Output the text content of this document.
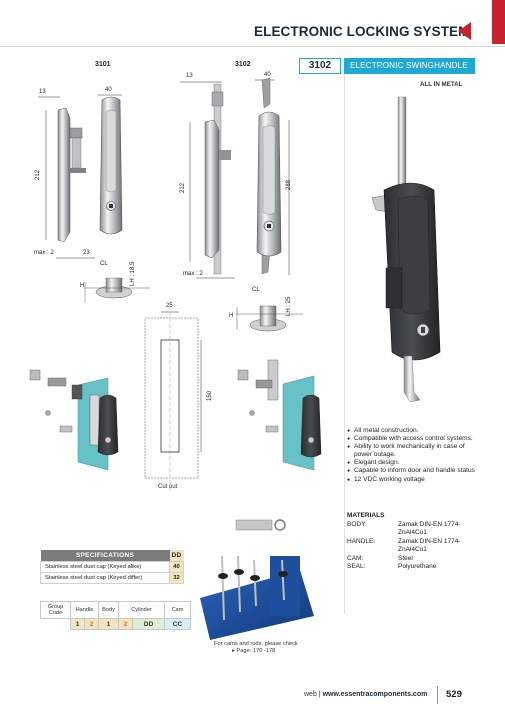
ELECTRONIC LOCKING SYSTEM
3101	3102	3102	ELECTRONIC SWINGHANDLE
ALL IN METAL
13	40
212
max : 2	23
CL
H	LH : 18.5
13	40
212	288
max : 2
CL
H	LH : 25
25
150
Cut out
● All metal construction.
● Compatible with access control systems.
● Ability to work mechanically in case of power outage.
● Elegant design.
● Capable to inform door and handle status
● 12 VDC working voltage
MATERIALS
BODY:	Zamak DIN-EN 1774-ZnAl4Cu1
HANDLE:	Zamak DIN-EN 1774-ZnAl4Cu1
CAM:	Steel
SEAL:	Polyurethane
SPECIFICATIONS	DD
Stainless steel dust cap (Keyed alike)	40
Stainless steel dust cap (Keyed differ)	32
Group Code	Handle		Body	Cylinder		Cam
	1	2	1	2	DD	CC
For cams and rods, please check
▸ Page: 170 -178
web | www.essentracomponents.com 529
